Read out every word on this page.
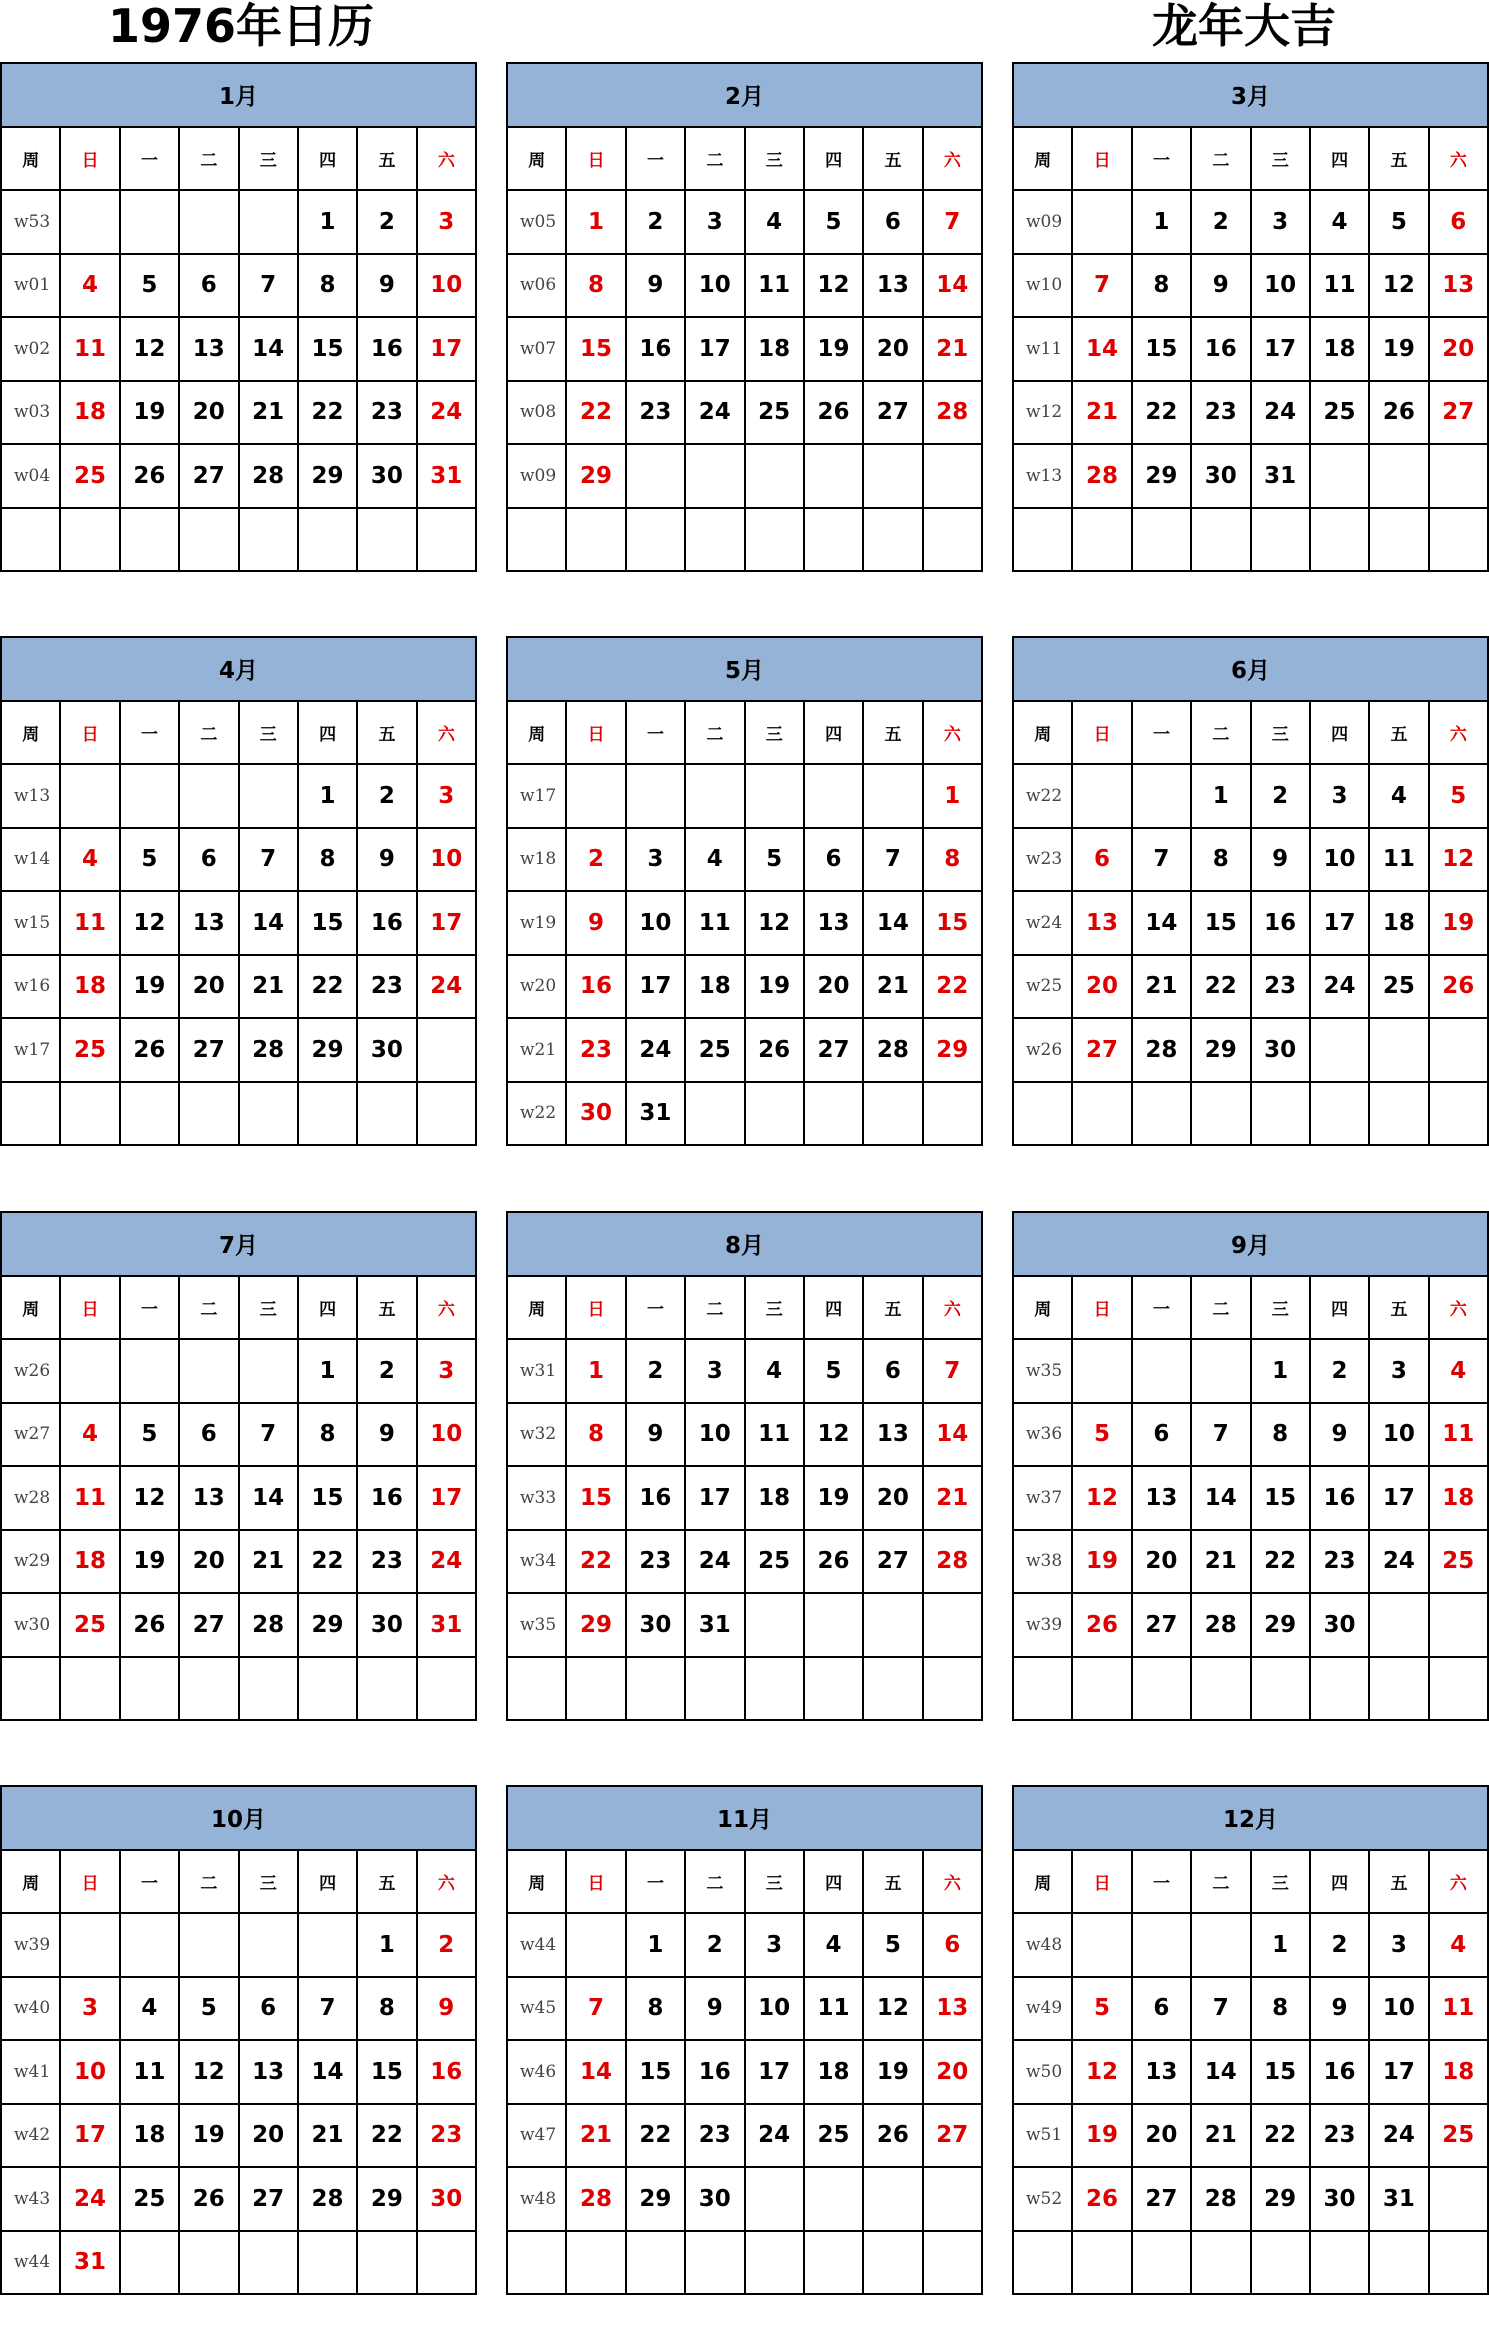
1976年日历	龙年大吉
1月							
周	日	一	二	三	四	五	六
w53					1	2	3
w01	4	5	6	7	8	9	10
w02	11	12	13	14	15	16	17
w03	18	19	20	21	22	23	24
w04	25	26	27	28	29	30	31

2月							
周	日	一	二	三	四	五	六
w05	1	2	3	4	5	6	7
w06	8	9	10	11	12	13	14
w07	15	16	17	18	19	20	21
w08	22	23	24	25	26	27	28
w09	29						

3月							
周	日	一	二	三	四	五	六
w09		1	2	3	4	5	6
w10	7	8	9	10	11	12	13
w11	14	15	16	17	18	19	20
w12	21	22	23	24	25	26	27
w13	28	29	30	31			

4月							
周	日	一	二	三	四	五	六
w13					1	2	3
w14	4	5	6	7	8	9	10
w15	11	12	13	14	15	16	17
w16	18	19	20	21	22	23	24
w17	25	26	27	28	29	30	

5月							
周	日	一	二	三	四	五	六
w17							1
w18	2	3	4	5	6	7	8
w19	9	10	11	12	13	14	15
w20	16	17	18	19	20	21	22
w21	23	24	25	26	27	28	29
w22	30	31					
6月							
周	日	一	二	三	四	五	六
w22			1	2	3	4	5
w23	6	7	8	9	10	11	12
w24	13	14	15	16	17	18	19
w25	20	21	22	23	24	25	26
w26	27	28	29	30			

7月							
周	日	一	二	三	四	五	六
w26					1	2	3
w27	4	5	6	7	8	9	10
w28	11	12	13	14	15	16	17
w29	18	19	20	21	22	23	24
w30	25	26	27	28	29	30	31

8月							
周	日	一	二	三	四	五	六
w31	1	2	3	4	5	6	7
w32	8	9	10	11	12	13	14
w33	15	16	17	18	19	20	21
w34	22	23	24	25	26	27	28
w35	29	30	31				

9月							
周	日	一	二	三	四	五	六
w35				1	2	3	4
w36	5	6	7	8	9	10	11
w37	12	13	14	15	16	17	18
w38	19	20	21	22	23	24	25
w39	26	27	28	29	30		

10月							
周	日	一	二	三	四	五	六
w39						1	2
w40	3	4	5	6	7	8	9
w41	10	11	12	13	14	15	16
w42	17	18	19	20	21	22	23
w43	24	25	26	27	28	29	30
w44	31						
11月							
周	日	一	二	三	四	五	六
w44		1	2	3	4	5	6
w45	7	8	9	10	11	12	13
w46	14	15	16	17	18	19	20
w47	21	22	23	24	25	26	27
w48	28	29	30				

12月							
周	日	一	二	三	四	五	六
w48				1	2	3	4
w49	5	6	7	8	9	10	11
w50	12	13	14	15	16	17	18
w51	19	20	21	22	23	24	25
w52	26	27	28	29	30	31	
